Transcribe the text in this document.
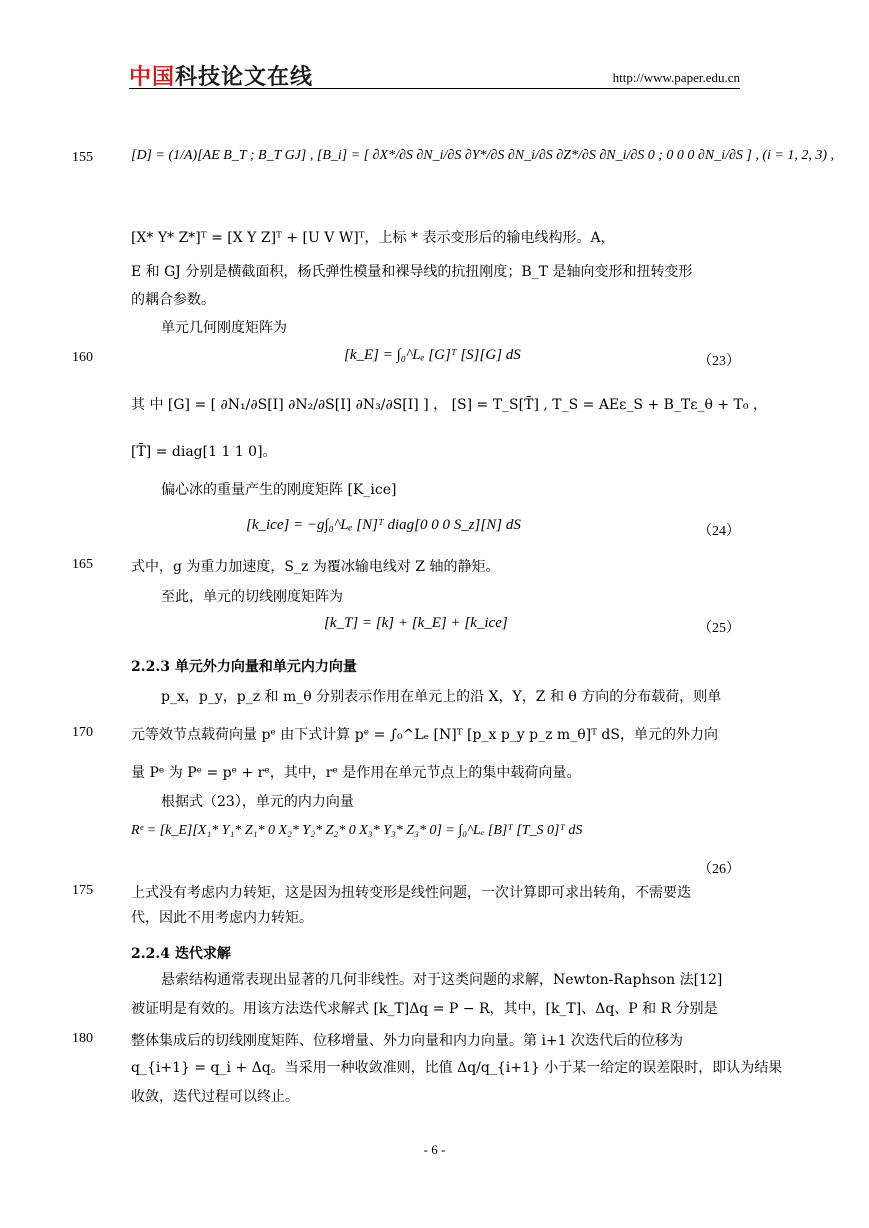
中国科技论文在线	http://www.paper.edu.cn
155
160
165
170
175
180
[D] = (1/A)[AE B_T ; B_T GJ] , [B_i] = [ ∂X*/∂S ∂N_i/∂S ∂Y*/∂S ∂N_i/∂S ∂Z*/∂S ∂N_i/∂S 0 ; 0 0 0 ∂N_i/∂S ] , (i = 1, 2, 3) ,
[X* Y* Z*]ᵀ = [X Y Z]ᵀ + [U V W]ᵀ，上标 * 表示变形后的输电线构形。A，
E 和 GJ 分别是横截面积，杨氏弹性模量和裸导线的抗扭刚度；B_T 是轴向变形和扭转变形
的耦合参数。
单元几何刚度矩阵为
[k_E] = ∫₀^Lₑ [G]ᵀ [S][G] dS	（23）
其 中 [G] = [ ∂N₁/∂S[I] ∂N₂/∂S[I] ∂N₃/∂S[I] ] ， [S] = T_S[T̄] , T_S = AEε_S + B_Tε_θ + T₀ ，
[T̄] = diag[1 1 1 0]。
偏心冰的重量产生的刚度矩阵 [K_ice]
[k_ice] = −g∫₀^Lₑ [N]ᵀ diag[0 0 0 S_z][N] dS	（24）
式中，g 为重力加速度，S_z 为覆冰输电线对 Z 轴的静矩。
至此，单元的切线刚度矩阵为
[k_T] = [k] + [k_E] + [k_ice]	（25）
2.2.3 单元外力向量和单元内力向量
p_x，p_y，p_z 和 m_θ 分别表示作用在单元上的沿 X，Y，Z 和 θ 方向的分布载荷，则单
元等效节点载荷向量 pᵉ 由下式计算 pᵉ = ∫₀^Lₑ [N]ᵀ [p_x p_y p_z m_θ]ᵀ dS，单元的外力向
量 Pᵉ 为 Pᵉ = pᵉ + rᵉ，其中，rᵉ 是作用在单元节点上的集中载荷向量。
根据式（23），单元的内力向量
Rᵉ = [k_E][X₁* Y₁* Z₁* 0 X₂* Y₂* Z₂* 0 X₃* Y₃* Z₃* 0] = ∫₀^Lₑ [B]ᵀ [T_S 0]ᵀ dS
（26）
上式没有考虑内力转矩，这是因为扭转变形是线性问题，一次计算即可求出转角，不需要迭
代，因此不用考虑内力转矩。
2.2.4 迭代求解
悬索结构通常表现出显著的几何非线性。对于这类问题的求解，Newton-Raphson 法[12]
被证明是有效的。用该方法迭代求解式 [k_T]Δq = P − R，其中，[k_T]、Δq、P 和 R 分别是
整体集成后的切线刚度矩阵、位移增量、外力向量和内力向量。第 i+1 次迭代后的位移为
q_{i+1} = q_i + Δq。当采用一种收敛准则，比值 Δq/q_{i+1} 小于某一给定的误差限时，即认为结果
收敛，迭代过程可以终止。
- 6 -
